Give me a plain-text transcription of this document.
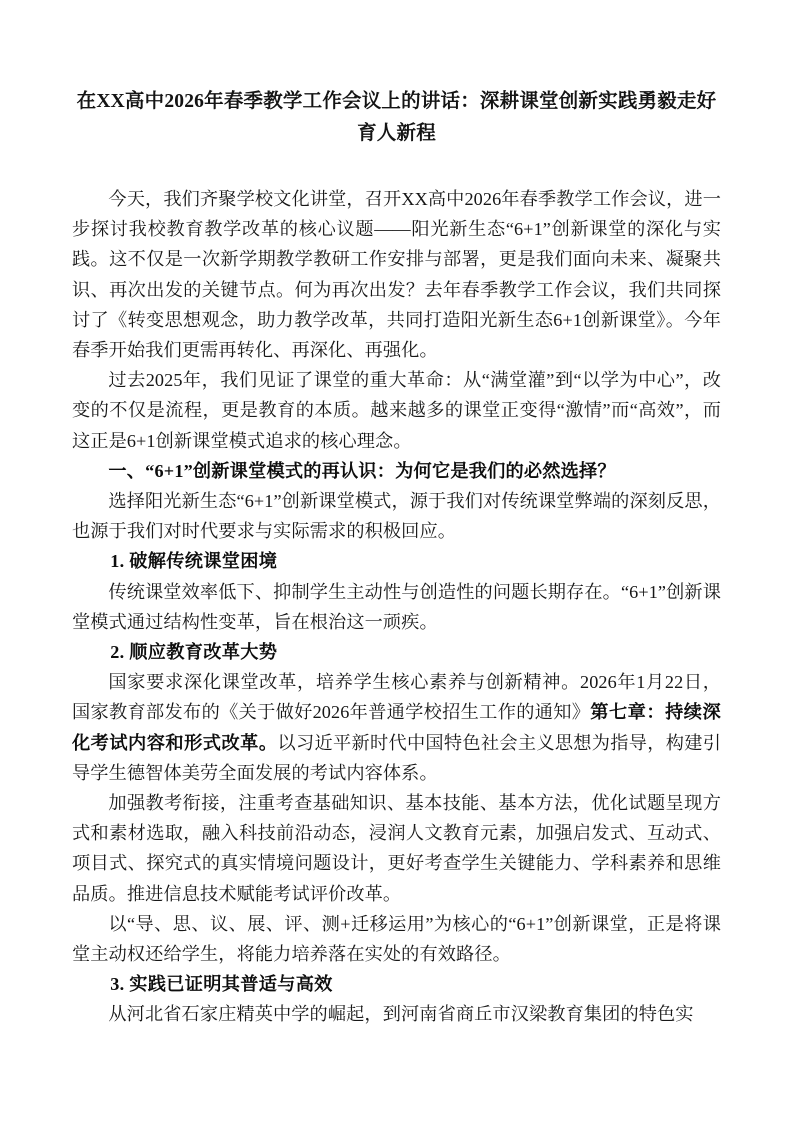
在XX高中2026年春季教学工作会议上的讲话：深耕课堂创新实践勇毅走好育人新程

今天，我们齐聚学校文化讲堂，召开XX高中2026年春季教学工作会议，进一步探讨我校教育教学改革的核心议题——阳光新生态“6+1”创新课堂的深化与实践。这不仅是一次新学期教学教研工作安排与部署，更是我们面向未来、凝聚共识、再次出发的关键节点。何为再次出发？去年春季教学工作会议，我们共同探讨了《转变思想观念，助力教学改革，共同打造阳光新生态6+1创新课堂》。今年春季开始我们更需再转化、再深化、再强化。

过去2025年，我们见证了课堂的重大革命：从“满堂灌”到“以学为中心”，改变的不仅是流程，更是教育的本质。越来越多的课堂正变得“激情”而“高效”，而这正是6+1创新课堂模式追求的核心理念。

一、“6+1”创新课堂模式的再认识：为何它是我们的必然选择？

选择阳光新生态“6+1”创新课堂模式，源于我们对传统课堂弊端的深刻反思，也源于我们对时代要求与实际需求的积极回应。

1. 破解传统课堂困境

传统课堂效率低下、抑制学生主动性与创造性的问题长期存在。“6+1”创新课堂模式通过结构性变革，旨在根治这一顽疾。

2. 顺应教育改革大势

国家要求深化课堂改革，培养学生核心素养与创新精神。2026年1月22日，国家教育部发布的《关于做好2026年普通学校招生工作的通知》第七章：持续深化考试内容和形式改革。以习近平新时代中国特色社会主义思想为指导，构建引导学生德智体美劳全面发展的考试内容体系。

加强教考衔接，注重考查基础知识、基本技能、基本方法，优化试题呈现方式和素材选取，融入科技前沿动态，浸润人文教育元素，加强启发式、互动式、项目式、探究式的真实情境问题设计，更好考查学生关键能力、学科素养和思维品质。推进信息技术赋能考试评价改革。

以“导、思、议、展、评、测+迁移运用”为核心的“6+1”创新课堂，正是将课堂主动权还给学生，将能力培养落在实处的有效路径。

3. 实践已证明其普适与高效

从河北省石家庄精英中学的崛起，到河南省商丘市汉梁教育集团的特色实
